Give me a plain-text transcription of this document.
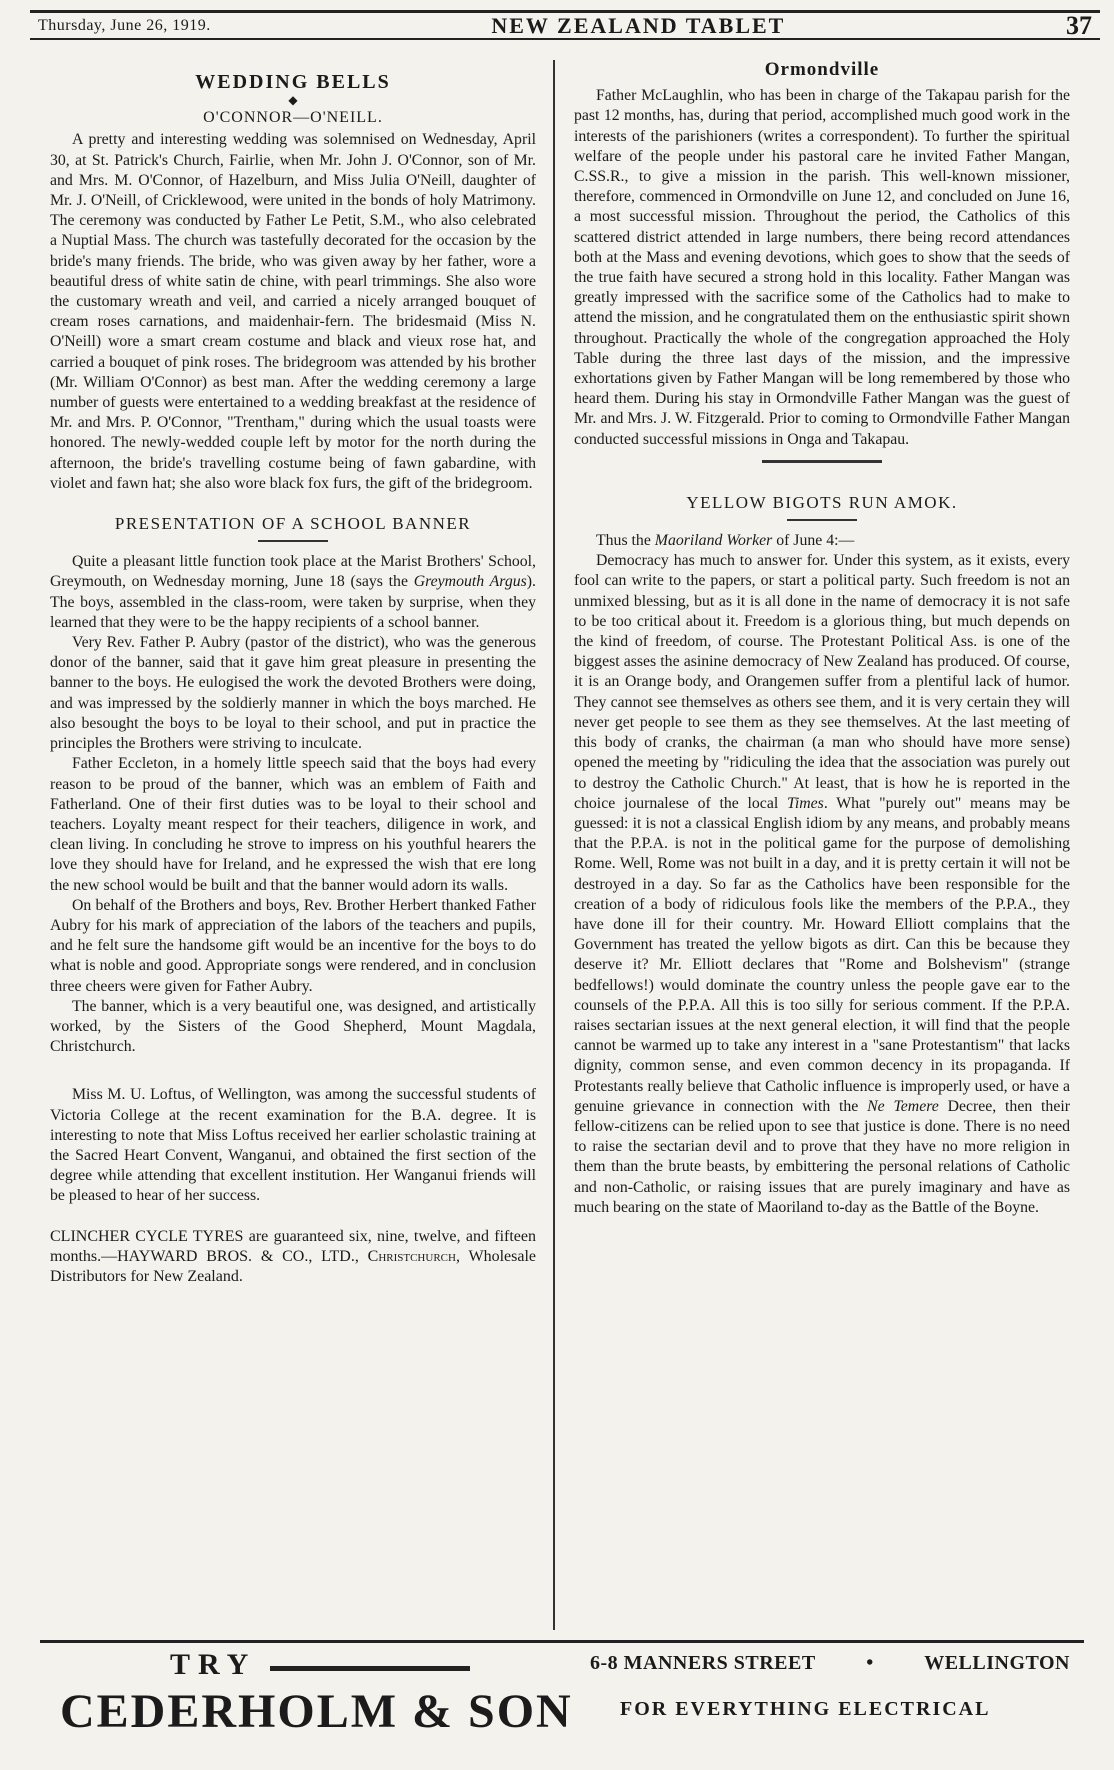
Thursday, June 26, 1919.	NEW ZEALAND TABLET	37
WEDDING BELLS
◆
O'CONNOR—O'NEILL.

A pretty and interesting wedding was solemnised on Wednesday, April 30, at St. Patrick's Church, Fairlie, when Mr. John J. O'Connor, son of Mr. and Mrs. M. O'Connor, of Hazelburn, and Miss Julia O'Neill, daughter of Mr. J. O'Neill, of Cricklewood, were united in the bonds of holy Matrimony. The ceremony was conducted by Father Le Petit, S.M., who also celebrated a Nuptial Mass. The church was tastefully decorated for the occasion by the bride's many friends. The bride, who was given away by her father, wore a beautiful dress of white satin de chine, with pearl trimmings. She also wore the customary wreath and veil, and carried a nicely arranged bouquet of cream roses carnations, and maidenhair-fern. The bridesmaid (Miss N. O'Neill) wore a smart cream costume and black and vieux rose hat, and carried a bouquet of pink roses. The bridegroom was attended by his brother (Mr. William O'Connor) as best man. After the wedding ceremony a large number of guests were entertained to a wedding breakfast at the residence of Mr. and Mrs. P. O'Connor, "Trentham," during which the usual toasts were honored. The newly-wedded couple left by motor for the north during the afternoon, the bride's travelling costume being of fawn gabardine, with violet and fawn hat; she also wore black fox furs, the gift of the bridegroom.

PRESENTATION OF A SCHOOL BANNER

Quite a pleasant little function took place at the Marist Brothers' School, Greymouth, on Wednesday morning, June 18 (says the Greymouth Argus). The boys, assembled in the class-room, were taken by surprise, when they learned that they were to be the happy recipients of a school banner.

Very Rev. Father P. Aubry (pastor of the district), who was the generous donor of the banner, said that it gave him great pleasure in presenting the banner to the boys. He eulogised the work the devoted Brothers were doing, and was impressed by the soldierly manner in which the boys marched. He also besought the boys to be loyal to their school, and put in practice the principles the Brothers were striving to inculcate.

Father Eccleton, in a homely little speech said that the boys had every reason to be proud of the banner, which was an emblem of Faith and Fatherland. One of their first duties was to be loyal to their school and teachers. Loyalty meant respect for their teachers, diligence in work, and clean living. In concluding he strove to impress on his youthful hearers the love they should have for Ireland, and he expressed the wish that ere long the new school would be built and that the banner would adorn its walls.

On behalf of the Brothers and boys, Rev. Brother Herbert thanked Father Aubry for his mark of appreciation of the labors of the teachers and pupils, and he felt sure the handsome gift would be an incentive for the boys to do what is noble and good. Appropriate songs were rendered, and in conclusion three cheers were given for Father Aubry.

The banner, which is a very beautiful one, was designed, and artistically worked, by the Sisters of the Good Shepherd, Mount Magdala, Christchurch.

Miss M. U. Loftus, of Wellington, was among the successful students of Victoria College at the recent examination for the B.A. degree. It is interesting to note that Miss Loftus received her earlier scholastic training at the Sacred Heart Convent, Wanganui, and obtained the first section of the degree while attending that excellent institution. Her Wanganui friends will be pleased to hear of her success.

CLINCHER CYCLE TYRES are guaranteed six, nine, twelve, and fifteen months.—HAYWARD BROS. & CO., LTD., Christchurch, Wholesale Distributors for New Zealand.

Ormondville

Father McLaughlin, who has been in charge of the Takapau parish for the past 12 months, has, during that period, accomplished much good work in the interests of the parishioners (writes a correspondent). To further the spiritual welfare of the people under his pastoral care he invited Father Mangan, C.SS.R., to give a mission in the parish. This well-known missioner, therefore, commenced in Ormondville on June 12, and concluded on June 16, a most successful mission. Throughout the period, the Catholics of this scattered district attended in large numbers, there being record attendances both at the Mass and evening devotions, which goes to show that the seeds of the true faith have secured a strong hold in this locality. Father Mangan was greatly impressed with the sacrifice some of the Catholics had to make to attend the mission, and he congratulated them on the enthusiastic spirit shown throughout. Practically the whole of the congregation approached the Holy Table during the three last days of the mission, and the impressive exhortations given by Father Mangan will be long remembered by those who heard them. During his stay in Ormondville Father Mangan was the guest of Mr. and Mrs. J. W. Fitzgerald. Prior to coming to Ormondville Father Mangan conducted successful missions in Onga and Takapau.

YELLOW BIGOTS RUN AMOK.

Thus the Maoriland Worker of June 4:—

Democracy has much to answer for. Under this system, as it exists, every fool can write to the papers, or start a political party. Such freedom is not an unmixed blessing, but as it is all done in the name of democracy it is not safe to be too critical about it. Freedom is a glorious thing, but much depends on the kind of freedom, of course. The Protestant Political Ass. is one of the biggest asses the asinine democracy of New Zealand has produced. Of course, it is an Orange body, and Orangemen suffer from a plentiful lack of humor. They cannot see themselves as others see them, and it is very certain they will never get people to see them as they see themselves. At the last meeting of this body of cranks, the chairman (a man who should have more sense) opened the meeting by "ridiculing the idea that the association was purely out to destroy the Catholic Church." At least, that is how he is reported in the choice journalese of the local Times. What "purely out" means may be guessed: it is not a classical English idiom by any means, and probably means that the P.P.A. is not in the political game for the purpose of demolishing Rome. Well, Rome was not built in a day, and it is pretty certain it will not be destroyed in a day. So far as the Catholics have been responsible for the creation of a body of ridiculous fools like the members of the P.P.A., they have done ill for their country. Mr. Howard Elliott complains that the Government has treated the yellow bigots as dirt. Can this be because they deserve it? Mr. Elliott declares that "Rome and Bolshevism" (strange bedfellows!) would dominate the country unless the people gave ear to the counsels of the P.P.A. All this is too silly for serious comment. If the P.P.A. raises sectarian issues at the next general election, it will find that the people cannot be warmed up to take any interest in a "sane Protestantism" that lacks dignity, common sense, and even common decency in its propaganda. If Protestants really believe that Catholic influence is improperly used, or have a genuine grievance in connection with the Ne Temere Decree, then their fellow-citizens can be relied upon to see that justice is done. There is no need to raise the sectarian devil and to prove that they have no more religion in them than the brute beasts, by embittering the personal relations of Catholic and non-Catholic, or raising issues that are purely imaginary and have as much bearing on the state of Maoriland to-day as the Battle of the Boyne.

TRY
CEDERHOLM & SON
6-8 MANNERS STREET	•	WELLINGTON
FOR EVERYTHING ELECTRICAL
